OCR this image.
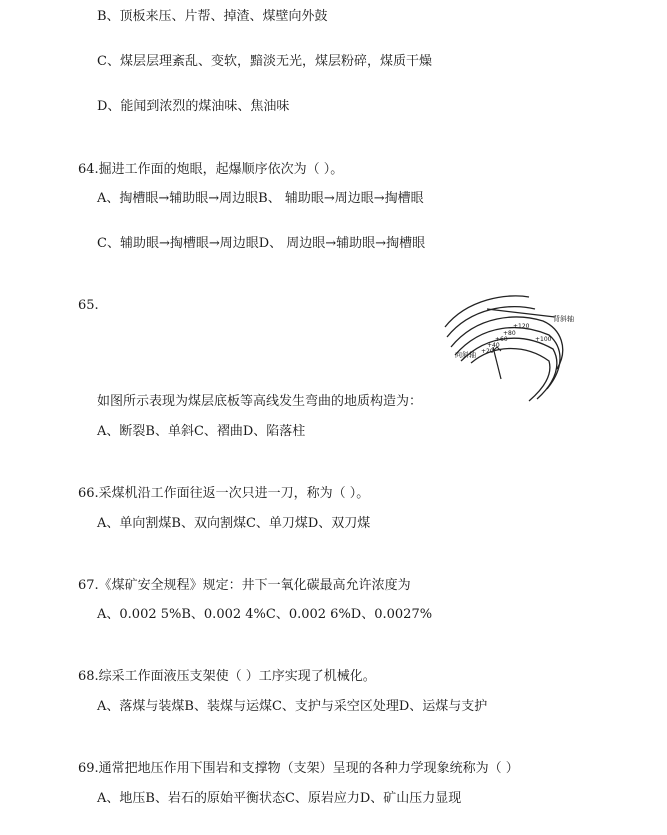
B、顶板来压、片帮、掉渣、煤壁向外鼓
C、煤层层理紊乱、变软，黯淡无光，煤层粉碎，煤质干燥
D、能闻到浓烈的煤油味、焦油味
64.掘进工作面的炮眼，起爆顺序依次为（ ）。
A、掏槽眼→辅助眼→周边眼B、 辅助眼→周边眼→掏槽眼
C、辅助眼→掏槽眼→周边眼D、 周边眼→辅助眼→掏槽眼
65.
背斜轴
向斜轴
+120
+100
+80
+60
+40
+20
如图所示表现为煤层底板等高线发生弯曲的地质构造为：
A、断裂B、单斜C、褶曲D、陷落柱
66.采煤机沿工作面往返一次只进一刀，称为（ ）。
A、单向割煤B、双向割煤C、单刀煤D、双刀煤
67.《煤矿安全规程》规定：井下一氧化碳最高允许浓度为
A、0.002 5%B、0.002 4%C、0.002 6%D、0.0027%
68.综采工作面液压支架使（ ）工序实现了机械化。
A、落煤与装煤B、装煤与运煤C、支护与采空区处理D、运煤与支护
69.通常把地压作用下围岩和支撑物（支架）呈现的各种力学现象统称为（ ）
A、地压B、岩石的原始平衡状态C、原岩应力D、矿山压力显现
